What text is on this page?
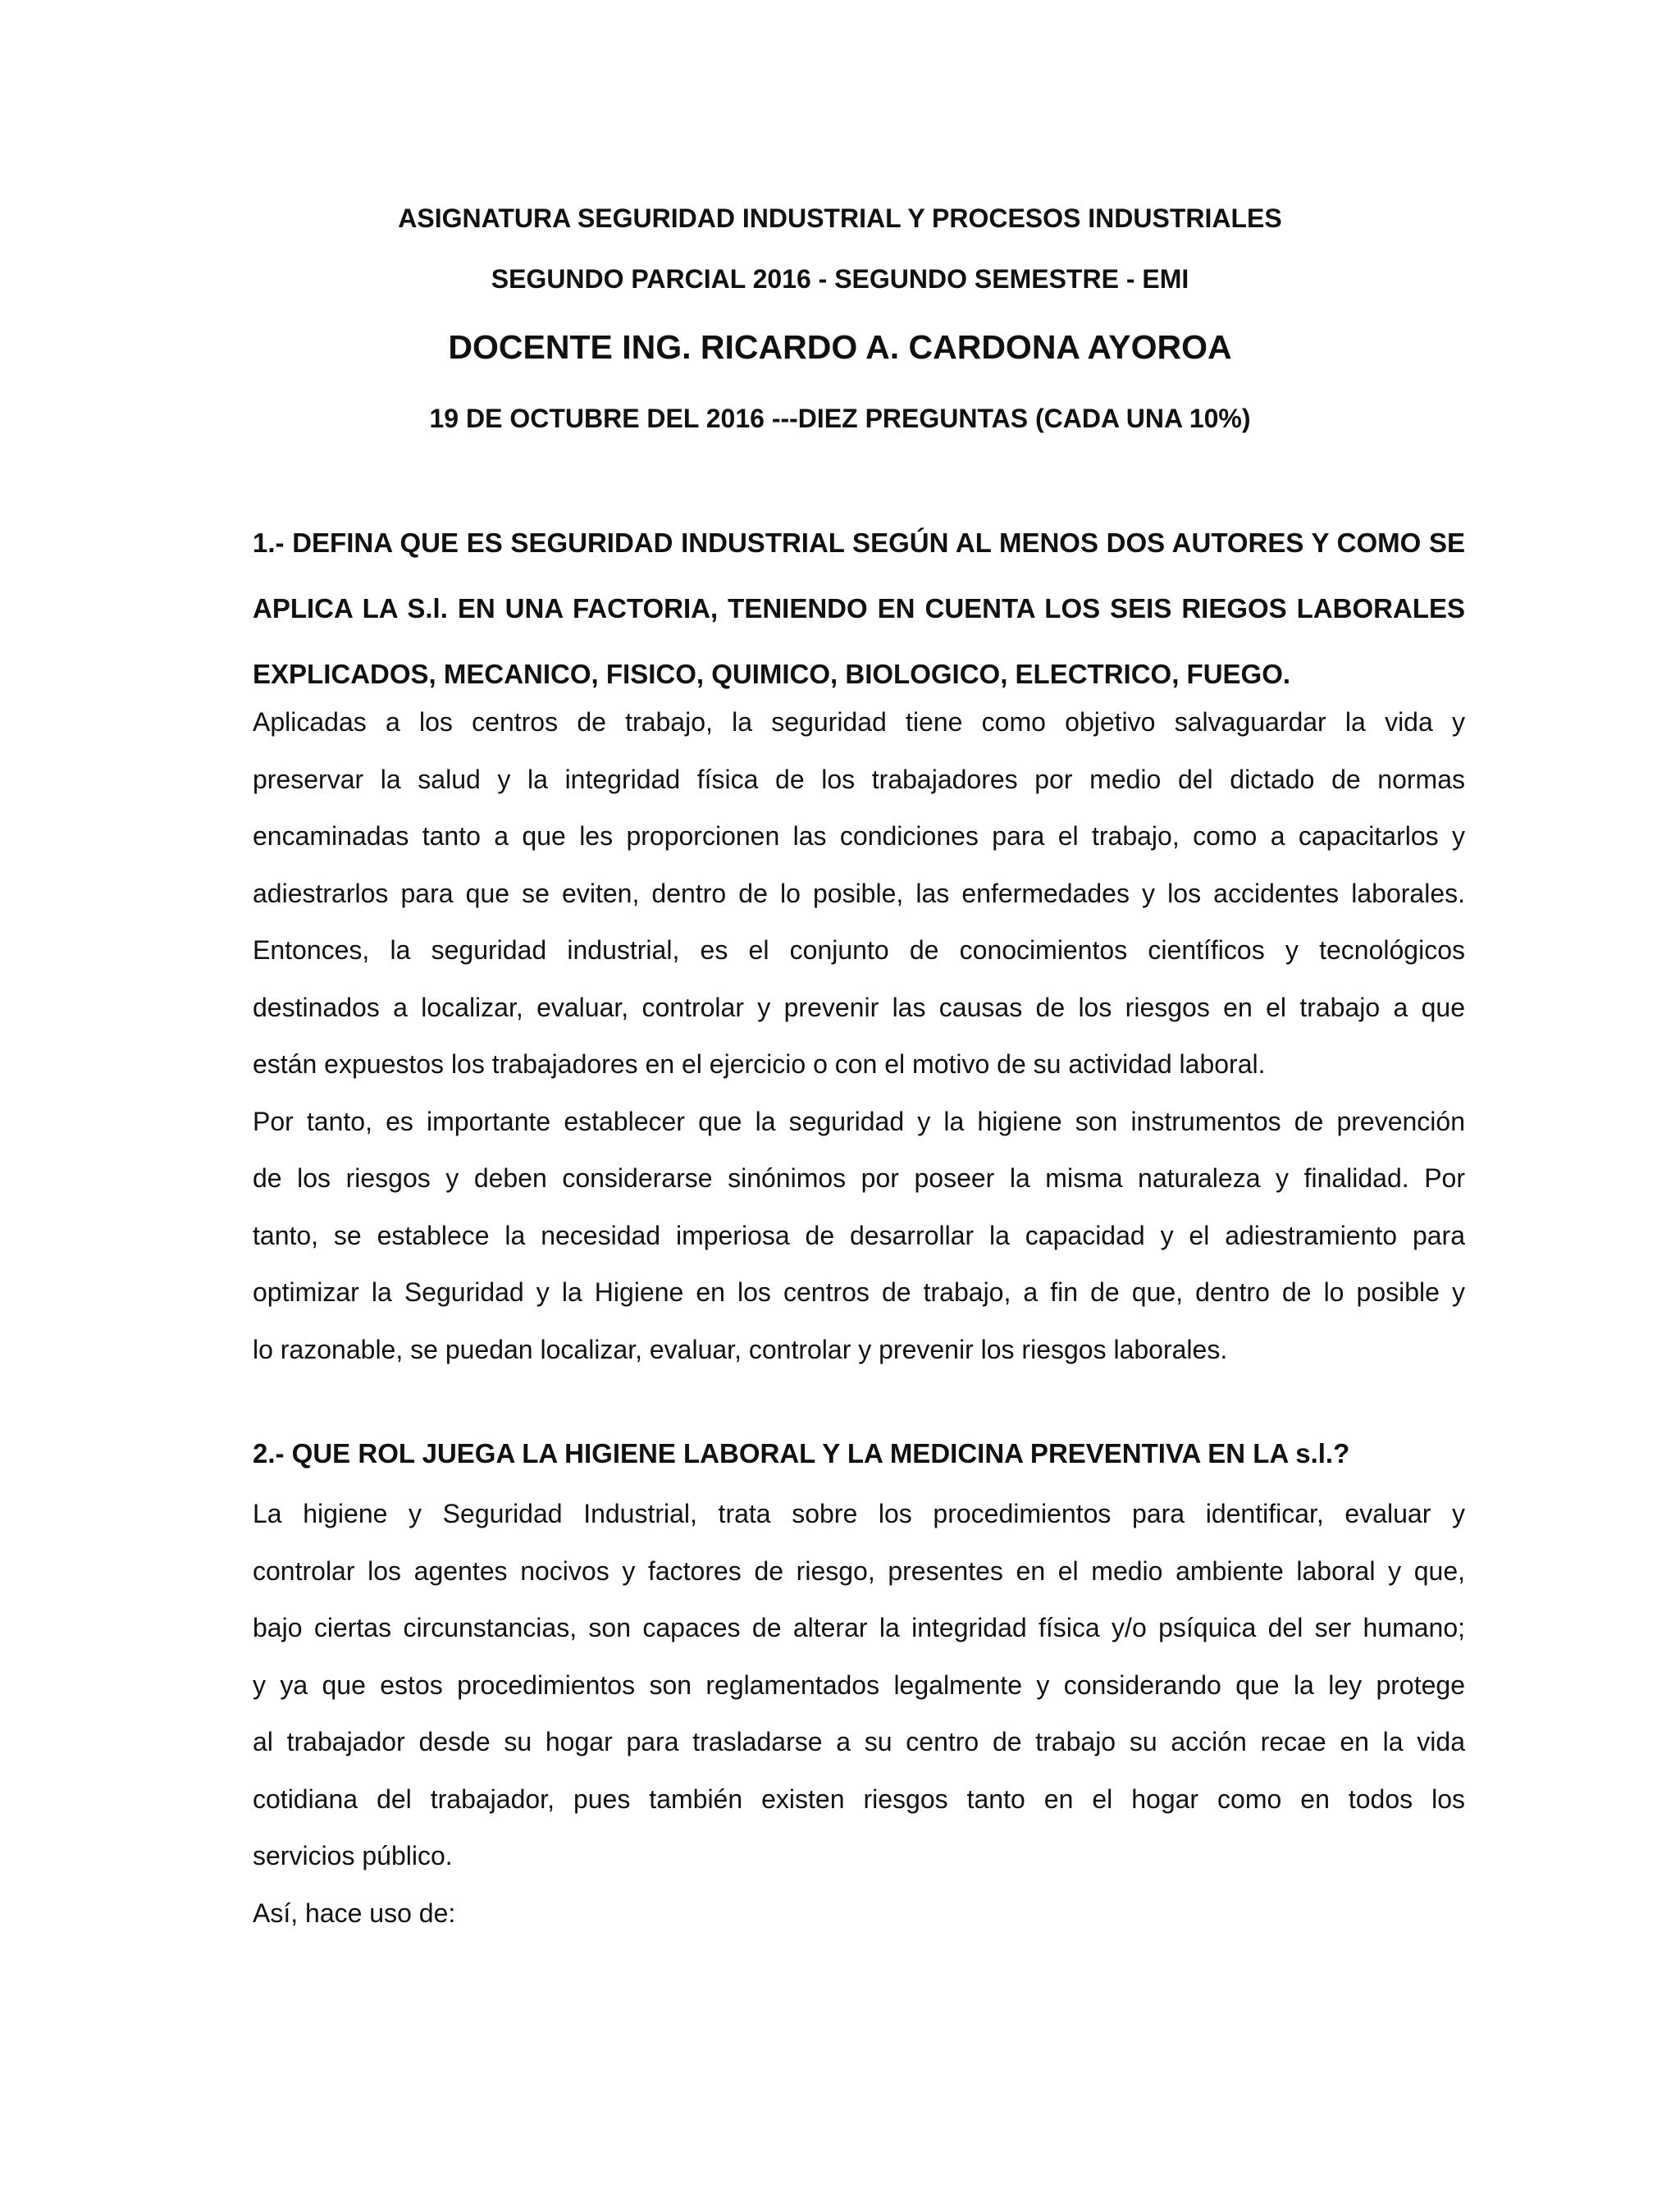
ASIGNATURA SEGURIDAD INDUSTRIAL Y PROCESOS INDUSTRIALES
SEGUNDO PARCIAL 2016 - SEGUNDO SEMESTRE - EMI
DOCENTE ING. RICARDO A. CARDONA AYOROA
19 DE OCTUBRE DEL 2016 ---DIEZ PREGUNTAS (CADA UNA 10%)

1.- DEFINA QUE ES SEGURIDAD INDUSTRIAL SEGÚN AL MENOS DOS AUTORES Y COMO SE APLICA LA S.l. EN UNA FACTORIA, TENIENDO EN CUENTA LOS SEIS RIEGOS LABORALES EXPLICADOS, MECANICO, FISICO, QUIMICO, BIOLOGICO, ELECTRICO, FUEGO.

Aplicadas a los centros de trabajo, la seguridad tiene como objetivo salvaguardar la vida y
preservar la salud y la integridad física de los trabajadores por medio del dictado de normas
encaminadas tanto a que les proporcionen las condiciones para el trabajo, como a capacitarlos y
adiestrarlos para que se eviten, dentro de lo posible, las enfermedades y los accidentes laborales.
Entonces, la seguridad industrial, es el conjunto de conocimientos científicos y tecnológicos
destinados a localizar, evaluar, controlar y prevenir las causas de los riesgos en el trabajo a que
están expuestos los trabajadores en el ejercicio o con el motivo de su actividad laboral.
Por tanto, es importante establecer que la seguridad y la higiene son instrumentos de prevención
de los riesgos y deben considerarse sinónimos por poseer la misma naturaleza y finalidad. Por
tanto, se establece la necesidad imperiosa de desarrollar la capacidad y el adiestramiento para
optimizar la Seguridad y la Higiene en los centros de trabajo, a fin de que, dentro de lo posible y
lo razonable, se puedan localizar, evaluar, controlar y prevenir los riesgos laborales.

2.- QUE ROL JUEGA LA HIGIENE LABORAL Y LA MEDICINA PREVENTIVA EN LA s.l.?

La higiene y Seguridad Industrial, trata sobre los procedimientos para identificar, evaluar y
controlar los agentes nocivos y factores de riesgo, presentes en el medio ambiente laboral y que,
bajo ciertas circunstancias, son capaces de alterar la integridad física y/o psíquica del ser humano;
y ya que estos procedimientos son reglamentados legalmente y considerando que la ley protege
al trabajador desde su hogar para trasladarse a su centro de trabajo su acción recae en la vida
cotidiana del trabajador, pues también existen riesgos tanto en el hogar como en todos los
servicios público.
Así, hace uso de:
